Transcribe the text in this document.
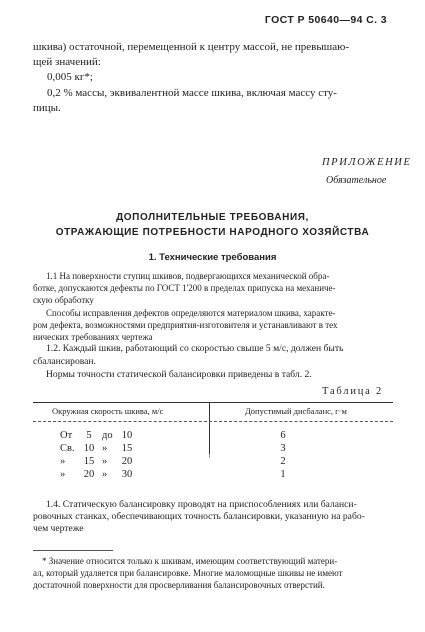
ГОСТ Р 50640—94 С. 3
шкива) остаточной, перемещенной к центру массой, не превышаю-
щей значений:
0,005 кг*;
0,2 % массы, эквивалентной массе шкива, включая массу сту-
пицы.
ПРИЛОЖЕНИЕ
Обязательное
ДОПОЛНИТЕЛЬНЫЕ ТРЕБОВАНИЯ,
ОТРАЖАЮЩИЕ ПОТРЕБНОСТИ НАРОДНОГО ХОЗЯЙСТВА
1. Технические требования
1.1 На поверхности ступиц шкивов, подвергающихся механической обра-
ботке, допускаются дефекты по ГОСТ 1'200 в пределах припуска на механиче-
скую обработку
Способы исправления дефектов определяются материалом шкива, характе-
ром дефекта, возможностями предприятия-изготовителя и устанавливают в тех
нических требованиях чертежа
1.2. Каждый шкив, работающий со скоростью свыше 5 м/с, должен быть
сбалансирован.
Нормы точности статической балансировки приведены в табл. 2.
Таблица 2
Окружная скорость шкива, м/с	Допустимый дисбаланс, г·м
От	5 до 10	6
Св. 10 » 15	3
» 15 » 20	2
» 20 » 30	1
1.4. Статическую балансировку проводят на приспособлениях или баланси-
ровочных станках, обеспечивающих точность балансировки, указанную на рабо-
чем чертеже
* Значение относится только к шкивам, имеющим соответствующий матери-
ал, который удаляется при балансировке. Многие маломощные шкивы не имеют
достаточной поверхности для просверливания балансировочных отверстий.
